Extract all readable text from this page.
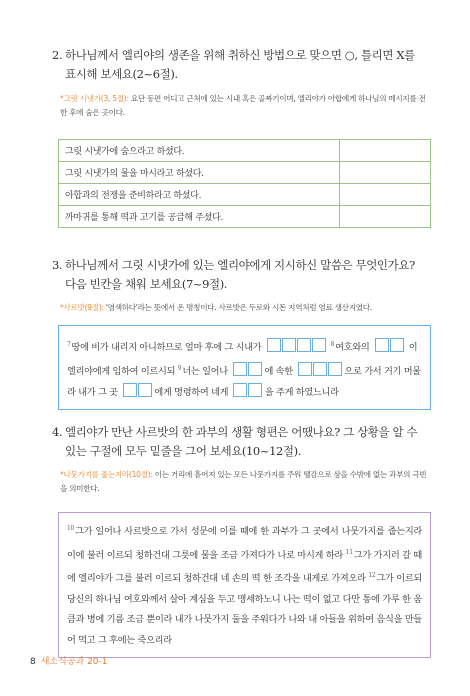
2. 하나님께서 엘리야의 생존을 위해 취하신 방법으로 맞으면 ○, 틀리면 X를 표시해 보세요(2~6절).
*그릿 시냇가(3, 5절): 요단 동편 어디고 근처에 있는 시내 혹은 골짜기이며, 엘리야가 아합에게 하나님의 메시지를 전한 후에 숨은 곳이다.
그릿 시냇가에 숨으라고 하셨다.	
그릿 시냇가의 물을 마시라고 하셨다.	
아합과의 전쟁을 준비하라고 하셨다.	
까마귀를 통해 떡과 고기를 공급해 주셨다.	
3. 하나님께서 그릿 시냇가에 있는 엘리야에게 지시하신 말씀은 무엇인가요? 다음 빈칸을 채워 보세요(7~9절).
*사르밧(9절): '염색하다'라는 뜻에서 온 명칭이다. 사르밧은 두로와 시돈 지역처럼 염료 생산지였다.
$^7$땅에 비가 내리지 아니하므로 얼마 후에 그 시내가	$^8$여호와의	이 엘리야에게 임하여 이르시되 $^9$너는 일어나	에 속한	으로 가서 거기 머물라 내가 그 곳	에게 명령하여 네게	을 주게 하였느니라
4. 엘리야가 만난 사르밧의 한 과부의 생활 형편은 어땠나요? 그 상황을 알 수 있는 구절에 모두 밑줄을 그어 보세요(10~12절).
*나뭇가지를 줍는지라(10절): 이는 거리에 흩어져 있는 모든 나뭇가지를 주워 땔감으로 삼을 수밖에 없는 과부의 극빈을 의미한다.
$^{10}$그가 일어나 사르밧으로 가서 성문에 이를 때에 한 과부가 그 곳에서 나뭇가지를 줍는지라 이에 불러 이르되 청하건대 그릇에 물을 조금 가져다가 나로 마시게 하라 $^{11}$그가 가지러 갈 때에 엘리야가 그를 불러 이르되 청하건대 네 손의 떡 한 조각을 내게로 가져오라 $^{12}$그가 이르되 당신의 하나님 여호와께서 살아 계심을 두고 맹세하노니 나는 떡이 없고 다만 통에 가루 한 움큼과 병에 기름 조금 뿐이라 내가 나뭇가지 둘을 주워다가 나와 내 아들을 위하여 음식을 만들어 먹고 그 후에는 죽으리라
8 새소식공과 20-1
